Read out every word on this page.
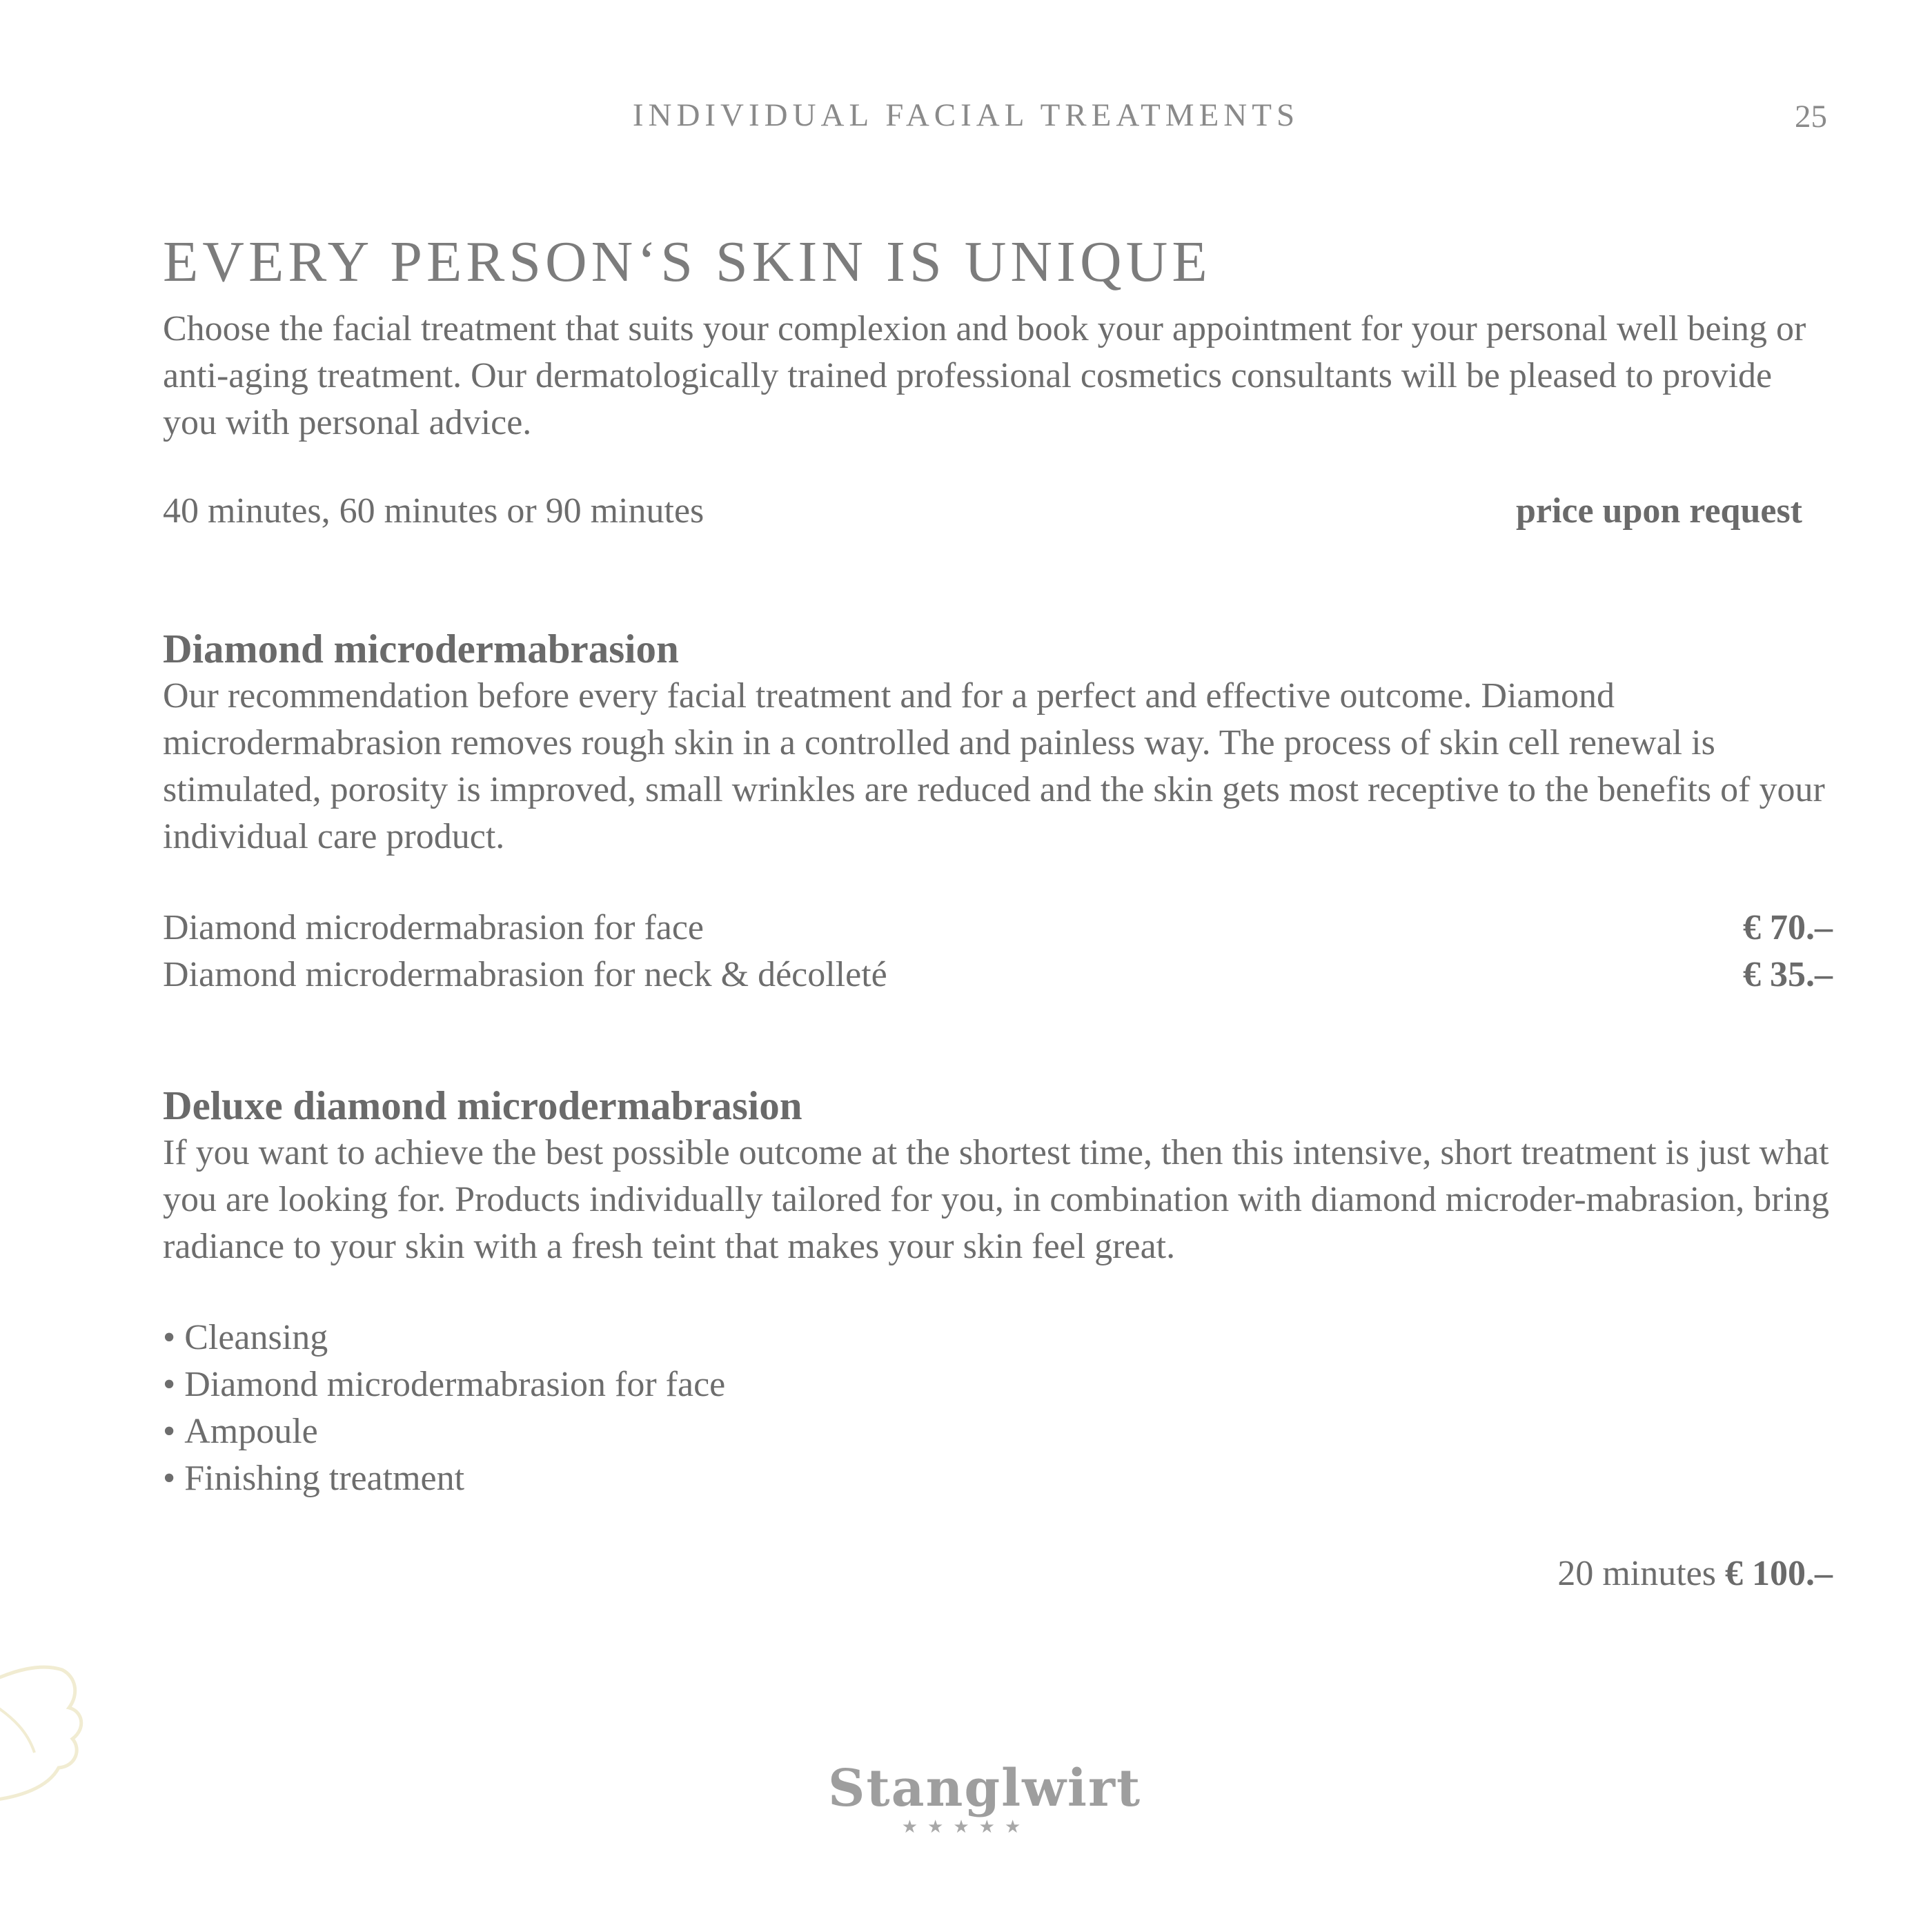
INDIVIDUAL FACIAL TREATMENTS	25
EVERY PERSON‘S SKIN IS UNIQUE

Choose the facial treatment that suits your complexion and book your appointment for your personal well being or anti-aging treatment. Our dermatologically trained professional cosmetics consultants will be pleased to provide you with personal advice.

40 minutes, 60 minutes or 90 minutes	price upon request
Diamond microdermabrasion

Our recommendation before every facial treatment and for a perfect and effective outcome. Diamond microdermabrasion removes rough skin in a controlled and painless way. The process of skin cell renewal is stimulated, porosity is improved, small wrinkles are reduced and the skin gets most receptive to the benefits of your individual care product.

Diamond microdermabrasion for face	€ 70.–
Diamond microdermabrasion for neck & décolleté	€ 35.–
Deluxe diamond microdermabrasion

If you want to achieve the best possible outcome at the shortest time, then this intensive, short treatment is just what you are looking for. Products individually tailored for you, in combination with diamond microder-mabrasion, bring radiance to your skin with a fresh teint that makes your skin feel great.

• Cleansing
• Diamond microdermabrasion for face
• Ampoule
• Finishing treatment
20 minutes € 100.–
Stanglwirt
★★★★★
